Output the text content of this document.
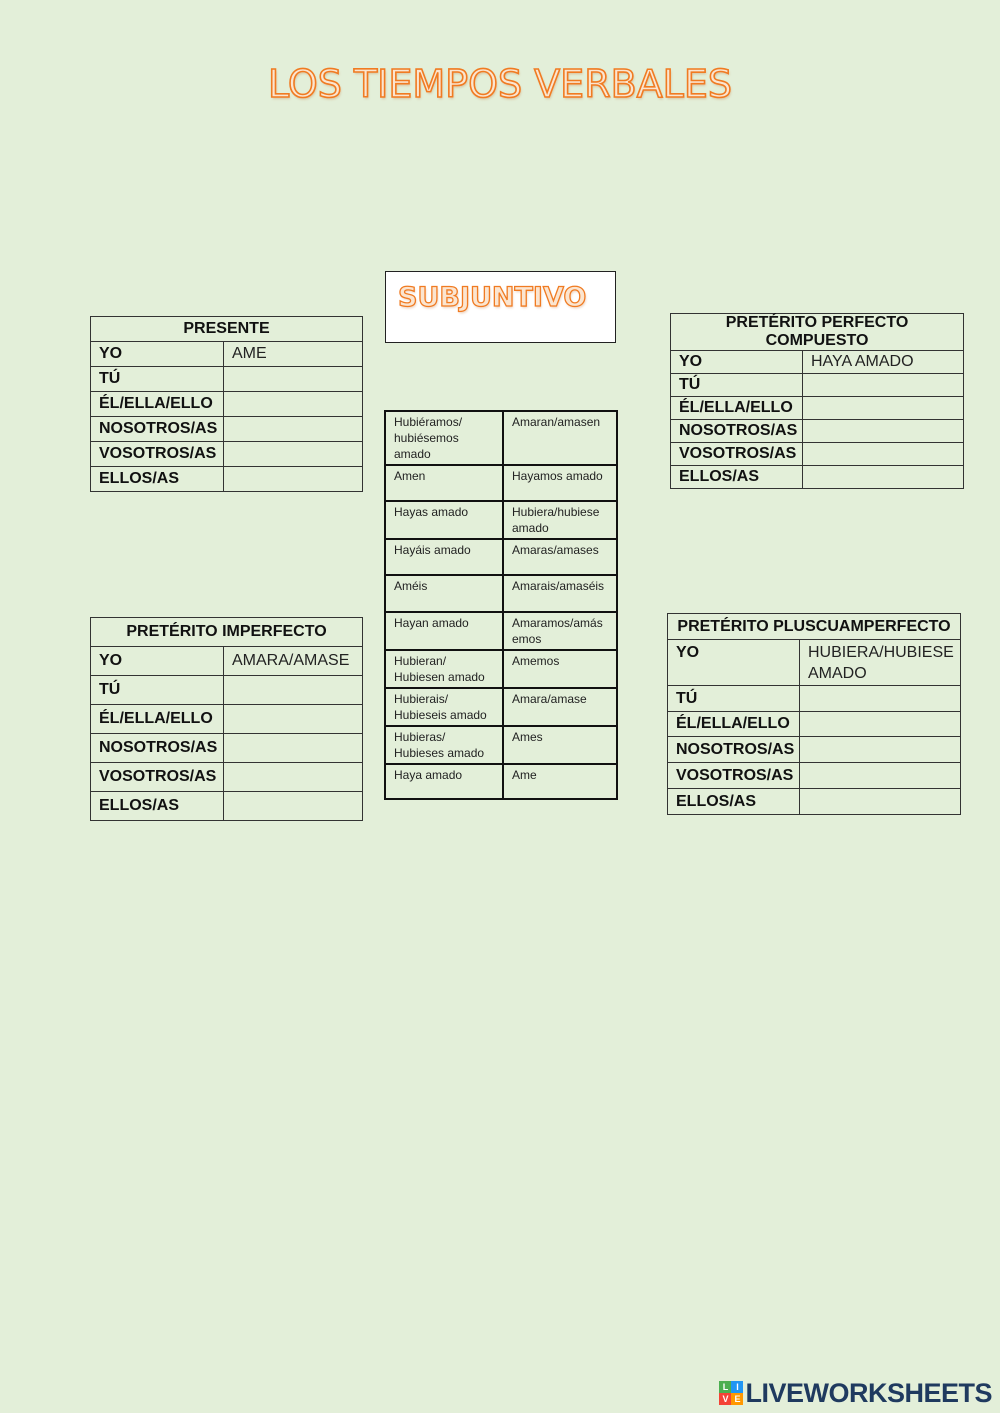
LOS TIEMPOS VERBALES
SUBJUNTIVO
PRESENTE	
YO	AME
TÚ	
ÉL/ELLA/ELLO	
NOSOTROS/AS	
VOSOTROS/AS	
ELLOS/AS	
PRETÉRITO IMPERFECTO	
YO	AMARA/AMASE
TÚ	
ÉL/ELLA/ELLO	
NOSOTROS/AS	
VOSOTROS/AS	
ELLOS/AS	
PRETÉRITO PERFECTO COMPUESTO	
YO	HAYA AMADO
TÚ	
ÉL/ELLA/ELLO	
NOSOTROS/AS	
VOSOTROS/AS	
ELLOS/AS	
PRETÉRITO PLUSCUAMPERFECTO	
YO	HUBIERA/HUBIESE AMADO
TÚ	
ÉL/ELLA/ELLO	
NOSOTROS/AS	
VOSOTROS/AS	
ELLOS/AS	
Hubiéramos/ hubiésemos amado	Amaran/amasen
Amen	Hayamos amado
Hayas amado	Hubiera/hubiese amado
Hayáis amado	Amaras/amases
Améis	Amarais/amaséis
Hayan amado	Amaramos/amás emos
Hubieran/ Hubiesen amado	Amemos
Hubierais/ Hubieseis amado	Amara/amase
Hubieras/ Hubieses amado	Ames
Haya amado	Ame
L I
V E LIVEWORKSHEETS
